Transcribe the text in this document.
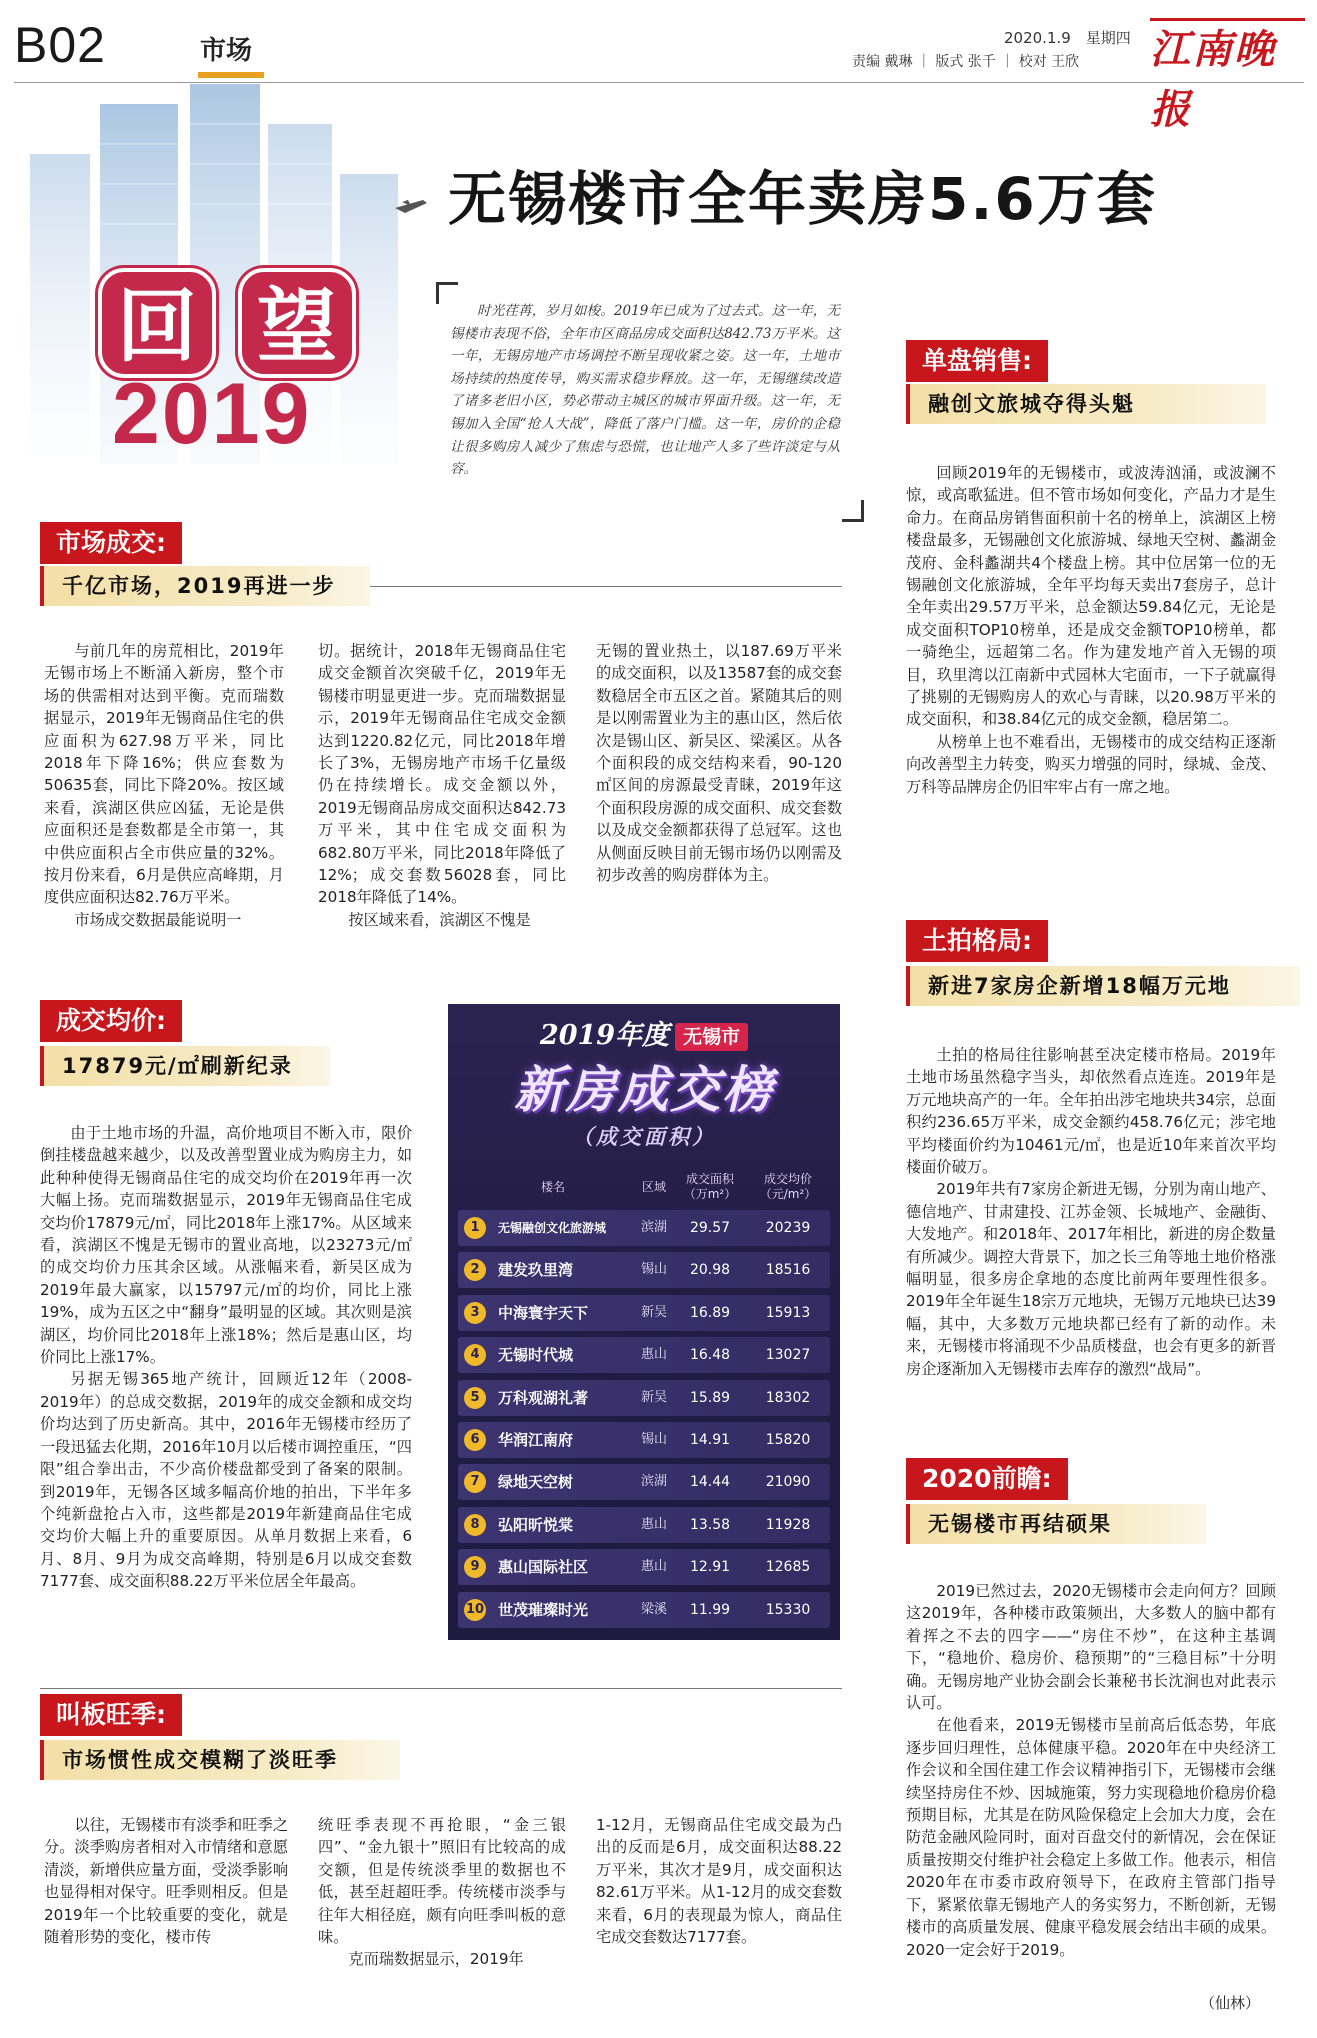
B02	市场	2020.1.9　星期四
责编 戴琳 ｜ 版式 张千 ｜ 校对 王欣 江南晚报
无锡楼市全年卖房5.6万套
回 望
2019
时光荏苒，岁月如梭。2019年已成为了过去式。这一年，无锡楼市表现不俗，全年市区商品房成交面积达842.73万平米。这一年，无锡房地产市场调控不断呈现收紧之姿。这一年，土地市场持续的热度传导，购买需求稳步释放。这一年，无锡继续改造了诸多老旧小区，势必带动主城区的城市界面升级。这一年，无锡加入全国“抢人大战”，降低了落户门槛。这一年，房价的企稳让很多购房人减少了焦虑与恐慌，也让地产人多了些许淡定与从容。
市场成交:
千亿市场，2019再进一步

与前几年的房荒相比，2019年无锡市场上不断涌入新房，整个市场的供需相对达到平衡。克而瑞数据显示，2019年无锡商品住宅的供应面积为627.98万平米，同比2018年下降16%；供应套数为50635套，同比下降20%。按区域来看，滨湖区供应凶猛，无论是供应面积还是套数都是全市第一，其中供应面积占全市供应量的32%。按月份来看，6月是供应高峰期，月度供应面积达82.76万平米。

市场成交数据最能说明一

切。据统计，2018年无锡商品住宅成交金额首次突破千亿，2019年无锡楼市明显更进一步。克而瑞数据显示，2019年无锡商品住宅成交金额达到1220.82亿元，同比2018年增长了3%，无锡房地产市场千亿量级仍在持续增长。成交金额以外，2019无锡商品房成交面积达842.73万平米，其中住宅成交面积为682.80万平米，同比2018年降低了12%；成交套数56028套，同比2018年降低了14%。

按区域来看，滨湖区不愧是

无锡的置业热土，以187.69万平米的成交面积，以及13587套的成交套数稳居全市五区之首。紧随其后的则是以刚需置业为主的惠山区，然后依次是锡山区、新吴区、梁溪区。从各个面积段的成交结构来看，90-120㎡区间的房源最受青睐，2019年这个面积段房源的成交面积、成交套数以及成交金额都获得了总冠军。这也从侧面反映目前无锡市场仍以刚需及初步改善的购房群体为主。

成交均价:
17879元/㎡刷新纪录

由于土地市场的升温，高价地项目不断入市，限价倒挂楼盘越来越少，以及改善型置业成为购房主力，如此种种使得无锡商品住宅的成交均价在2019年再一次大幅上扬。克而瑞数据显示，2019年无锡商品住宅成交均价17879元/㎡，同比2018年上涨17%。从区域来看，滨湖区不愧是无锡市的置业高地，以23273元/㎡的成交均价力压其余区域。从涨幅来看，新吴区成为2019年最大赢家，以15797元/㎡的均价，同比上涨19%，成为五区之中“翻身”最明显的区域。其次则是滨湖区，均价同比2018年上涨18%；然后是惠山区，均价同比上涨17%。

另据无锡365地产统计，回顾近12年（2008-2019年）的总成交数据，2019年的成交金额和成交均价均达到了历史新高。其中，2016年无锡楼市经历了一段迅猛去化期，2016年10月以后楼市调控重压，“四限”组合拳出击，不少高价楼盘都受到了备案的限制。到2019年，无锡各区域多幅高价地的拍出，下半年多个纯新盘抢占入市，这些都是2019年新建商品住宅成交均价大幅上升的重要原因。从单月数据上来看，6月、8月、9月为成交高峰期，特别是6月以成交套数7177套、成交面积88.22万平米位居全年最高。

2019年度 无锡市
新房成交榜
（成交面积）
楼名	区域
成交面积
（万m²）
成交均价
（元/m²）
1	无锡融创文化旅游城	滨湖	29.57	20239
2	建发玖里湾	锡山	20.98	18516
3	中海寰宇天下	新吴	16.89	15913
4	无锡时代城	惠山	16.48	13027
5	万科观湖礼著	新吴	15.89	18302
6	华润江南府	锡山	14.91	15820
7	绿地天空树	滨湖	14.44	21090
8	弘阳昕悦棠	惠山	13.58	11928
9	惠山国际社区	惠山	12.91	12685
10 世茂璀璨时光	梁溪	11.99	15330
叫板旺季:
市场惯性成交模糊了淡旺季

以往，无锡楼市有淡季和旺季之分。淡季购房者相对入市情绪和意愿清淡，新增供应量方面，受淡季影响也显得相对保守。旺季则相反。但是2019年一个比较重要的变化，就是随着形势的变化，楼市传

统旺季表现不再抢眼，“金三银四”、“金九银十”照旧有比较高的成交额，但是传统淡季里的数据也不低，甚至赶超旺季。传统楼市淡季与往年大相径庭，颇有向旺季叫板的意味。

克而瑞数据显示，2019年

1-12月，无锡商品住宅成交最为凸出的反而是6月，成交面积达88.22万平米，其次才是9月，成交面积达82.61万平米。从1-12月的成交套数来看，6月的表现最为惊人，商品住宅成交套数达7177套。

单盘销售:
融创文旅城夺得头魁

回顾2019年的无锡楼市，或波涛汹涌，或波澜不惊，或高歌猛进。但不管市场如何变化，产品力才是生命力。在商品房销售面积前十名的榜单上，滨湖区上榜楼盘最多，无锡融创文化旅游城、绿地天空树、蠡湖金茂府、金科蠡湖共4个楼盘上榜。其中位居第一位的无锡融创文化旅游城，全年平均每天卖出7套房子，总计全年卖出29.57万平米，总金额达59.84亿元，无论是成交面积TOP10榜单，还是成交金额TOP10榜单，都一骑绝尘，远超第二名。作为建发地产首入无锡的项目，玖里湾以江南新中式园林大宅面市，一下子就赢得了挑剔的无锡购房人的欢心与青睐，以20.98万平米的成交面积，和38.84亿元的成交金额，稳居第二。

从榜单上也不难看出，无锡楼市的成交结构正逐渐向改善型主力转变，购买力增强的同时，绿城、金茂、万科等品牌房企仍旧牢牢占有一席之地。

土拍格局:
新进7家房企新增18幅万元地

土拍的格局往往影响甚至决定楼市格局。2019年土地市场虽然稳字当头，却依然看点连连。2019年是万元地块高产的一年。全年拍出涉宅地块共34宗，总面积约236.65万平米，成交金额约458.76亿元；涉宅地平均楼面价约为10461元/㎡，也是近10年来首次平均楼面价破万。

2019年共有7家房企新进无锡，分别为南山地产、德信地产、甘肃建投、江苏金领、长城地产、金融街、大发地产。和2018年、2017年相比，新进的房企数量有所减少。调控大背景下，加之长三角等地土地价格涨幅明显，很多房企拿地的态度比前两年要理性很多。2019年全年诞生18宗万元地块，无锡万元地块已达39幅，其中，大多数万元地块都已经有了新的动作。未来，无锡楼市将涌现不少品质楼盘，也会有更多的新晋房企逐渐加入无锡楼市去库存的激烈“战局”。

2020前瞻:
无锡楼市再结硕果

2019已然过去，2020无锡楼市会走向何方？回顾这2019年，各种楼市政策频出，大多数人的脑中都有着挥之不去的四字——“房住不炒”，在这种主基调下，“稳地价、稳房价、稳预期”的“三稳目标”十分明确。无锡房地产业协会副会长兼秘书长沈涧也对此表示认可。

在他看来，2019无锡楼市呈前高后低态势，年底逐步回归理性，总体健康平稳。2020年在中央经济工作会议和全国住建工作会议精神指引下，无锡楼市会继续坚持房住不炒、因城施策，努力实现稳地价稳房价稳预期目标，尤其是在防风险保稳定上会加大力度，会在防范金融风险同时，面对百盘交付的新情况，会在保证质量按期交付维护社会稳定上多做工作。他表示，相信2020年在市委市政府领导下，在政府主管部门指导下，紧紧依靠无锡地产人的务实努力，不断创新，无锡楼市的高质量发展、健康平稳发展会结出丰硕的成果。2020一定会好于2019。

（仙林）
